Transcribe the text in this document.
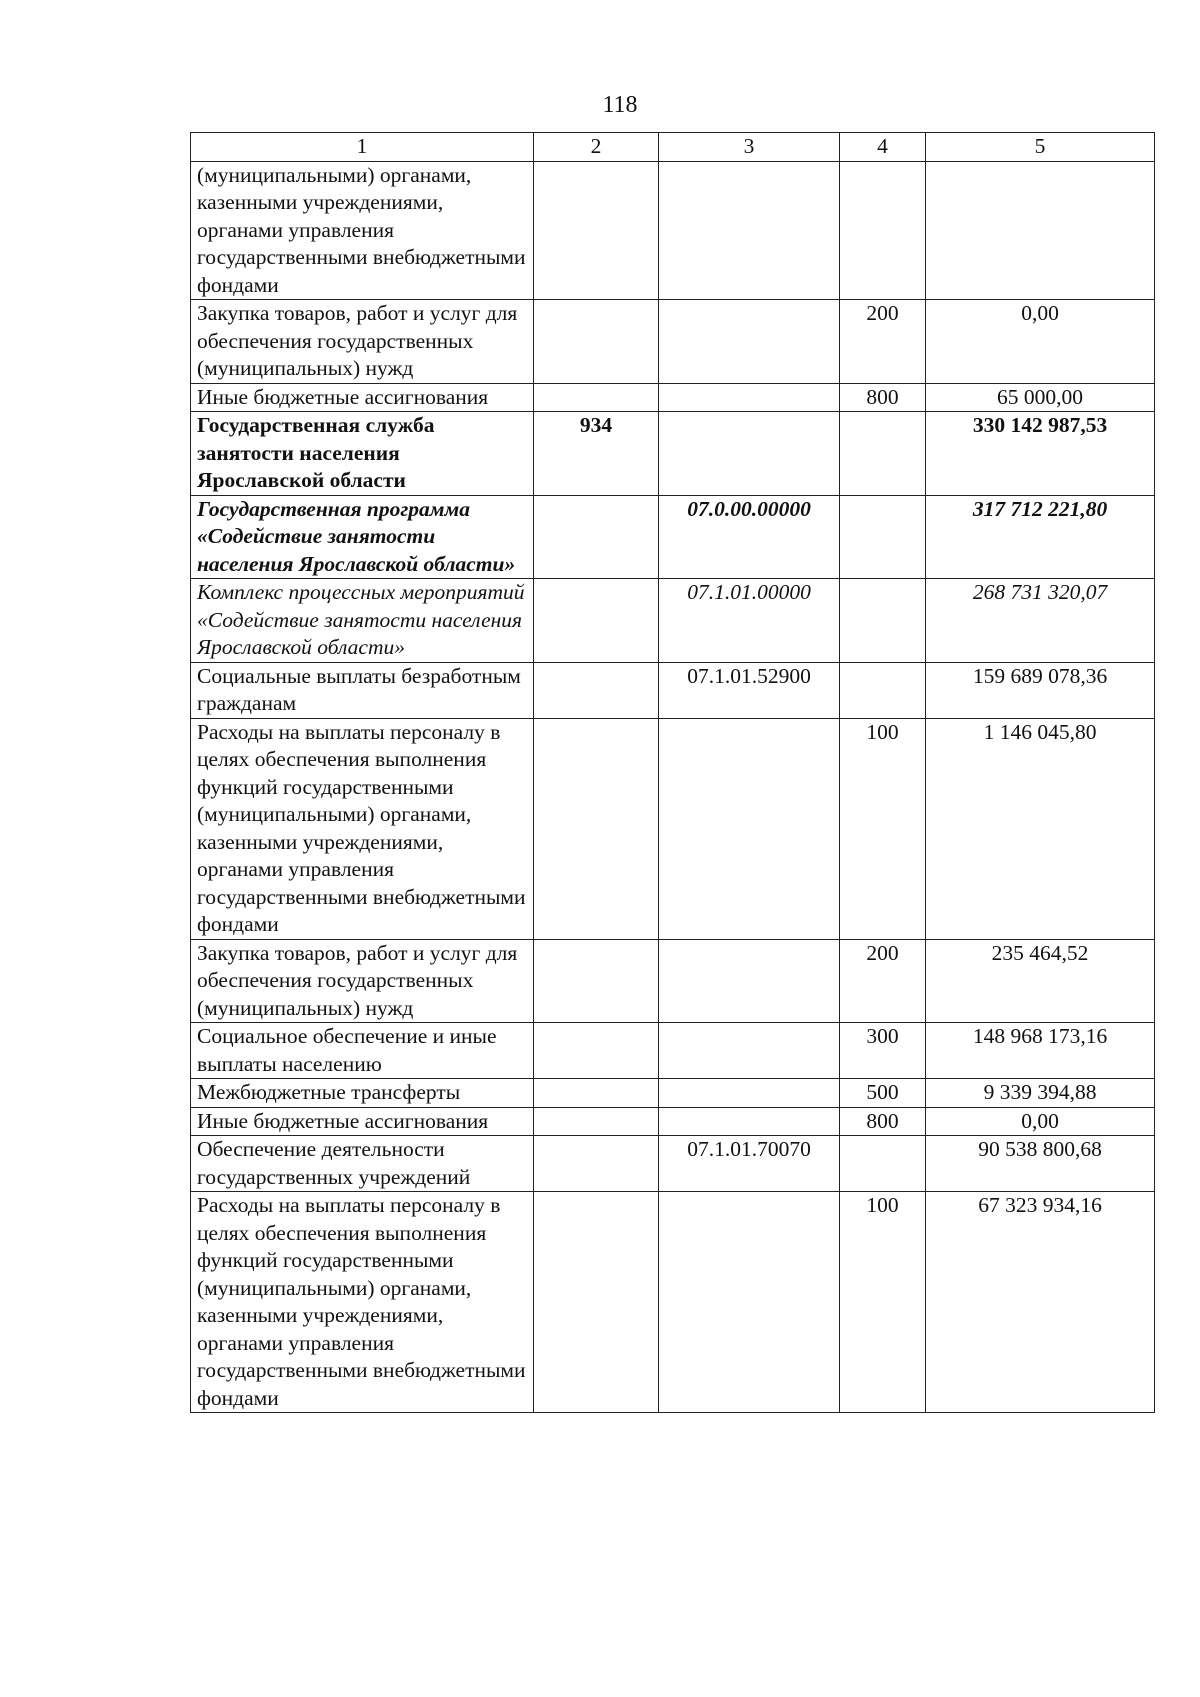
118
1	2	3	4	5
(муниципальными) органами, казенными учреждениями, органами управления государственными внебюджетными фондами				
Закупка товаров, работ и услуг для обеспечения государственных (муниципальных) нужд			200	0,00
Иные бюджетные ассигнования			800	65 000,00
Государственная служба занятости населения Ярославской области	934			330 142 987,53
Государственная программа «Содействие занятости населения Ярославской области»		07.0.00.00000		317 712 221,80
Комплекс процессных мероприятий «Содействие занятости населения Ярославской области»		07.1.01.00000		268 731 320,07
Социальные выплаты безработным гражданам		07.1.01.52900		159 689 078,36
Расходы на выплаты персоналу в целях обеспечения выполнения функций государственными (муниципальными) органами, казенными учреждениями, органами управления государственными внебюджетными фондами			100	1 146 045,80
Закупка товаров, работ и услуг для обеспечения государственных (муниципальных) нужд			200	235 464,52
Социальное обеспечение и иные выплаты населению			300	148 968 173,16
Межбюджетные трансферты			500	9 339 394,88
Иные бюджетные ассигнования			800	0,00
Обеспечение деятельности государственных учреждений		07.1.01.70070		90 538 800,68
Расходы на выплаты персоналу в целях обеспечения выполнения функций государственными (муниципальными) органами, казенными учреждениями, органами управления государственными внебюджетными фондами			100	67 323 934,16
